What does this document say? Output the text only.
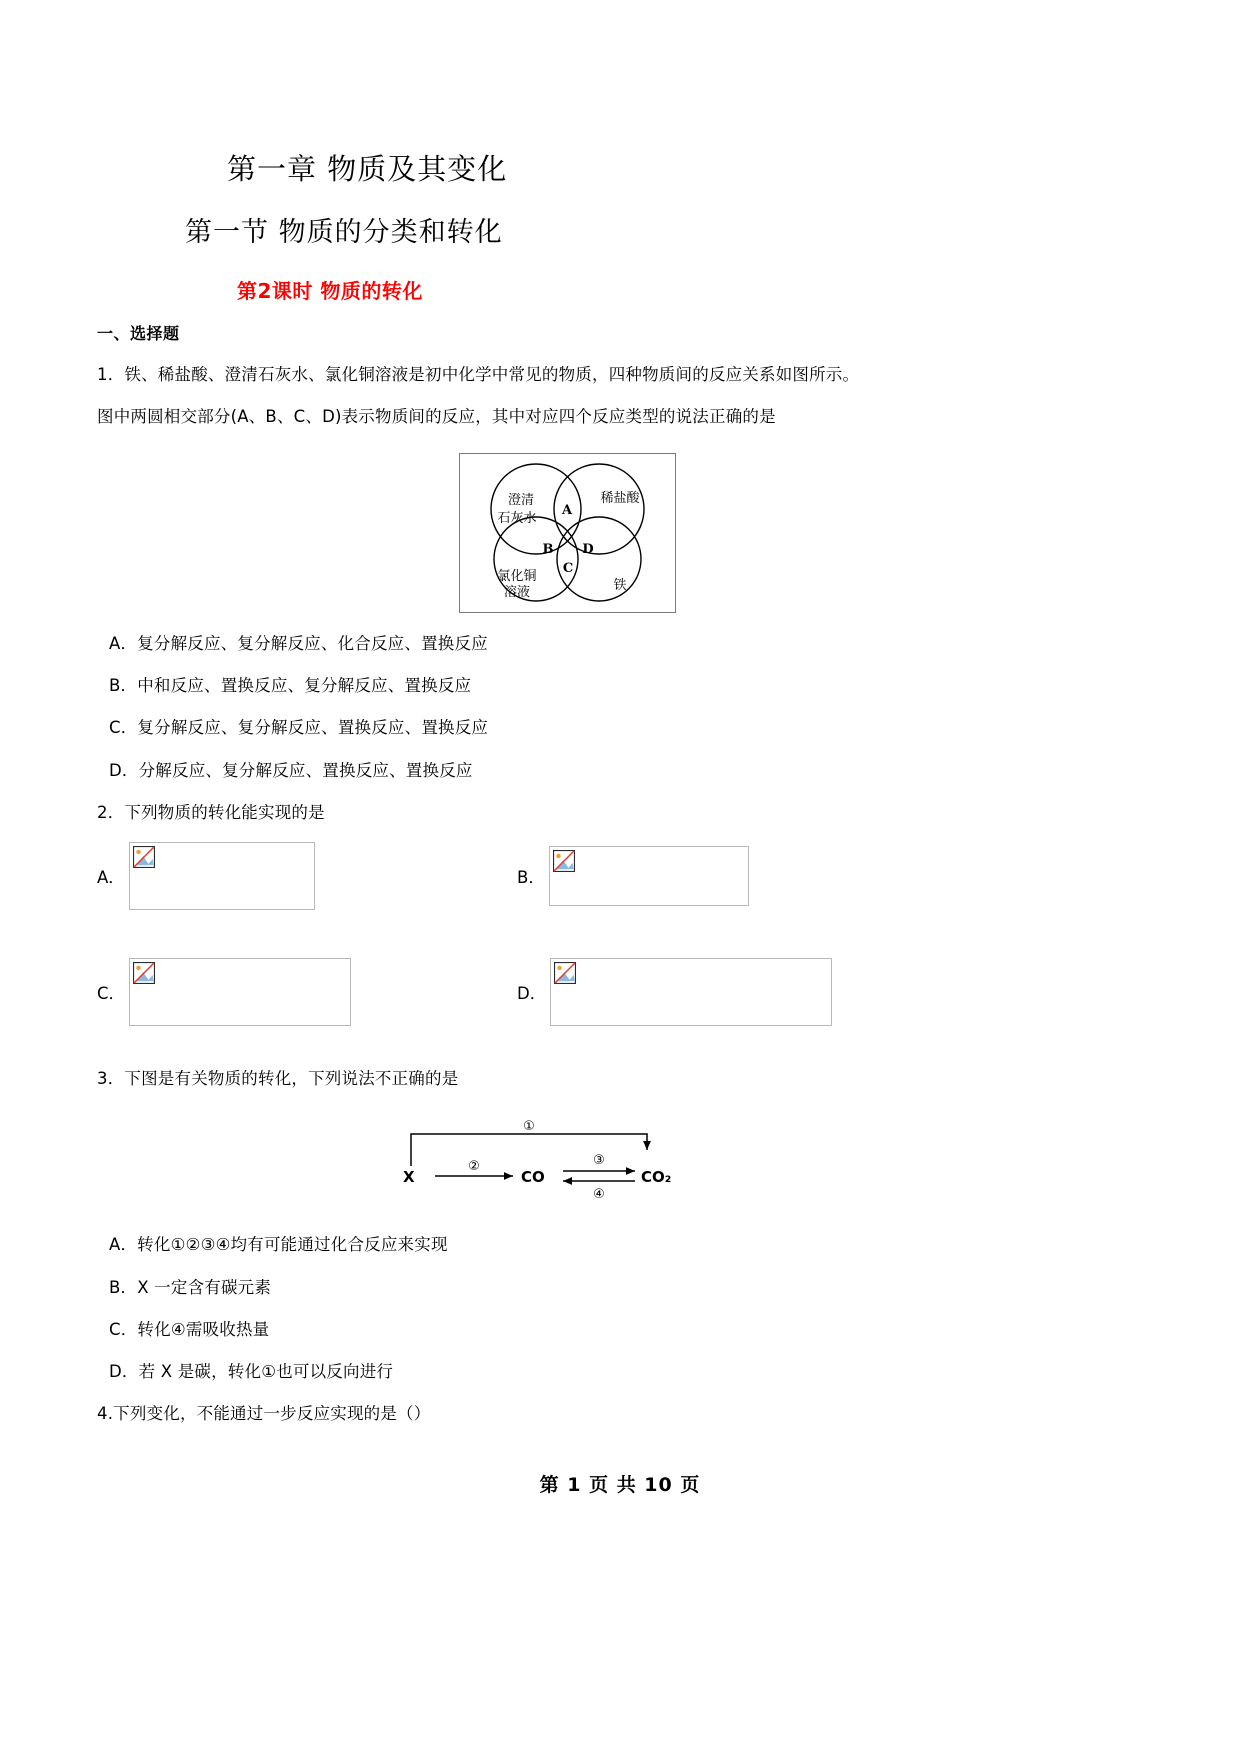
第一章 物质及其变化
第一节 物质的分类和转化
第2课时 物质的转化
一、选择题

1．铁、稀盐酸、澄清石灰水、氯化铜溶液是初中化学中常见的物质，四种物质间的反应关系如图所示。

图中两圆相交部分(A、B、C、D)表示物质间的反应，其中对应四个反应类型的说法正确的是

澄清
石灰水
稀盐酸
氯化铜
溶液	铁
A
B D
C

A．复分解反应、复分解反应、化合反应、置换反应

B．中和反应、置换反应、复分解反应、置换反应

C．复分解反应、复分解反应、置换反应、置换反应

D．分解反应、复分解反应、置换反应、置换反应

2．下列物质的转化能实现的是

A．	B．
C．	D．

3．下图是有关物质的转化，下列说法不正确的是

X	CO	CO₂
①
②	③
④

A．转化①②③④均有可能通过化合反应来实现

B．X 一定含有碳元素

C．转化④需吸收热量

D．若 X 是碳，转化①也可以反向进行

4.下列变化，不能通过一步反应实现的是（）

第 1 页 共 10 页
